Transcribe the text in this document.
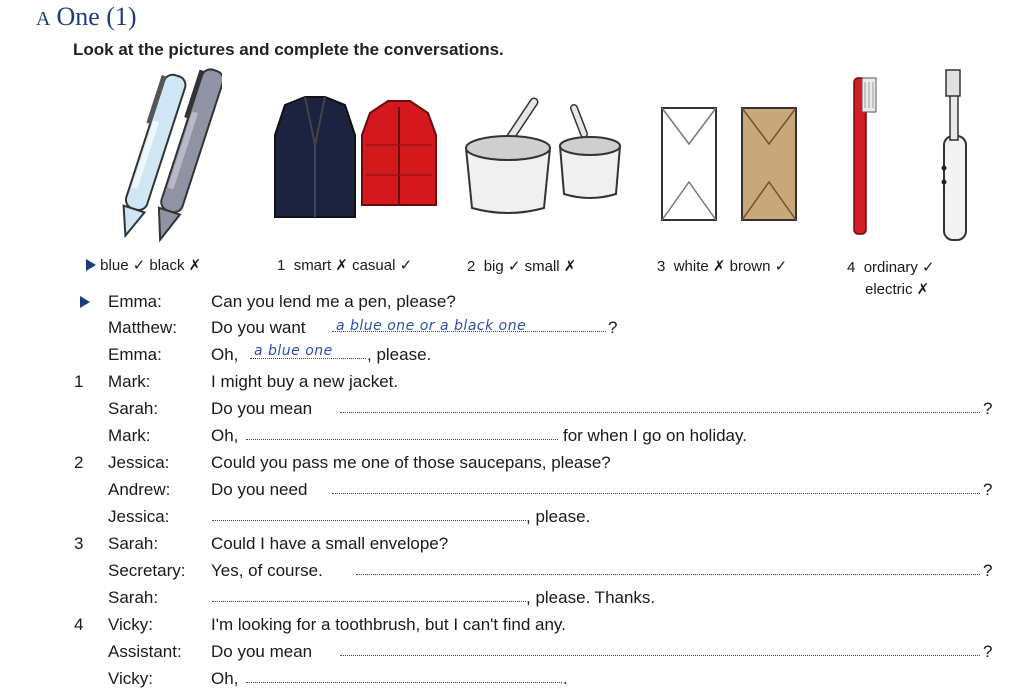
A One (1)
Look at the pictures and complete the conversations.
blue ✓ black ✗	1 smart ✗ casual ✓	2 big ✓ small ✗	3 white ✗ brown ✓	4 ordinary ✓
electric ✗
Emma:	Can you lend me a pen, please?
Matthew: Do you want a blue one or a black one	?
Emma:	Oh, a blue one , please.
1 Mark:	I might buy a new jacket.
Sarah:	Do you mean	?
Mark:	Oh,	for when I go on holiday.
2 Jessica: Could you pass me one of those saucepans, please?
Andrew: Do you need	?
Jessica:	, please.
3 Sarah:	Could I have a small envelope?
Secretary: Yes, of course.	?
Sarah:	, please. Thanks.
4 Vicky:	I'm looking for a toothbrush, but I can't find any.
Assistant: Do you mean	?
Vicky:	Oh,	.
